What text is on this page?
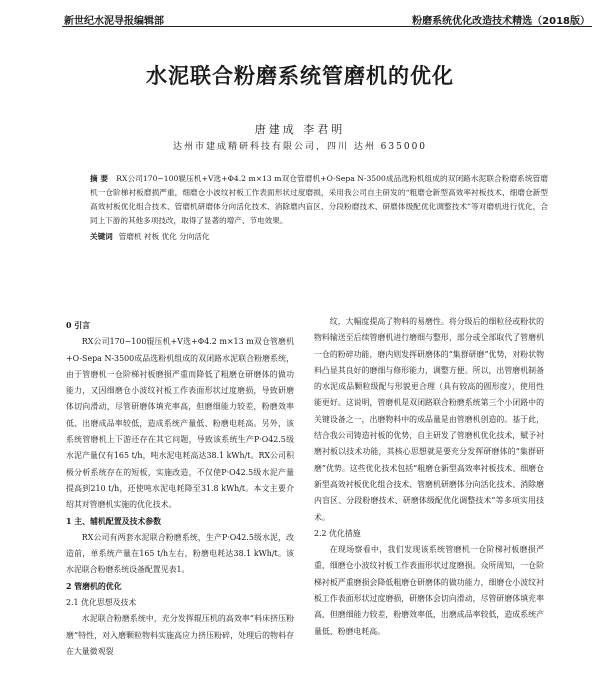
新世纪水泥导报编辑部	粉磨系统优化改造技术精选（2018版）
水泥联合粉磨系统管磨机的优化
唐建成 李君明
达州市建成精研科技有限公司，四川 达州 635000
摘 要 RX公司170~100辊压机+V选+Φ4.2 m×13 m双仓管磨机+O-Sepa N-3500成品选粉机组成的双闭路水泥联合粉磨系统管磨机一仓阶梯衬板磨损严重，细磨仓小波纹衬板工作表面形状过度磨损，采用我公司自主研发的“粗磨仓新型高效率衬板技术、细磨仓新型高效衬板优化组合技术、管磨机研磨体分向活化技术、消除磨内盲区、分段粉磨技术、研磨体级配优化调整技术”等对磨机进行优化，合同上下游的其他多项技改，取得了显著的增产、节电效果。
关键词 管磨机 衬板 优化 分向活化

0 引言

RX公司170~100辊压机+V选+Φ4.2 m×13 m双仓管磨机+O-Sepa N-3500成品选粉机组成的双闭路水泥联合粉磨系统，由于管磨机一仓阶梯衬板磨损严重而降低了粗磨仓研磨体的做功能力，又因细磨仓小波纹衬板工作表面形状过度磨损，导致研磨体切向滑动，尽管研磨体填充率高，但磨细能力较差，粉磨效率低、出磨成品率较低，造成系统产量低、粉磨电耗高。另外，该系统管磨机上下游还存在其它问题，导致该系统生产P·O42.5级水泥产量仅有165 t/h，吨水泥电耗高达38.1 kWh/t。RX公司积极分析系统存在的短板，实施改造，不仅使P·O42.5级水泥产量提高到210 t/h，还使吨水泥电耗降至31.8 kWh/t。本文主要介绍其对管磨机实施的优化技术。

1 主、辅机配置及技术参数

RX公司有两套水泥联合粉磨系统，生产P·O42.5级水泥，改造前，单系统产量在165 t/h左右，粉磨电耗达38.1 kWh/t。该水泥联合粉磨系统设备配置见表1。

2 管磨机的优化

2.1 优化思想及技术

水泥联合粉磨系统中，充分发挥辊压机的高效率“料床挤压粉磨”特性，对入磨颗粒物料实施高应力挤压粉碎，处理后的物料存在大量微观裂

纹，大幅度提高了物料的易磨性。将分级后的细粒径或粉状的物料输送至后续管磨机进行磨细与整形，部分或全部取代了管磨机一仓的粉碎功能，磨内则发挥研磨体的“集群研磨”优势，对粉状物料凸显其良好的磨细与修形能力，调整方便。所以，出管磨机制备的水泥成品颗粒级配与形貌更合理（具有较高的圆形度），使用性能更好。这说明，管磨机是双闭路联合粉磨系统第三个小闭路中的关键设备之一，出磨物料中的成品量是由管磨机创造的。基于此，结合我公司铸造衬板的优势，自主研发了管磨机优化技术，赋予衬磨衬板以技术功能，其核心思想就是要充分发挥研磨体的“集群研磨”优势。这些优化技术包括“粗磨仓新型高效率衬板技术、细磨仓新型高效衬板优化组合技术、管磨机研磨体分向活化技术、消除磨内盲区、分段粉磨技术、研磨体级配优化调整技术”等多项实用技术。

2.2 优化措施

在现场察看中，我们发现该系统管磨机一仓阶梯衬板磨损严重，细磨仓小波纹衬板工作表面形状过度磨损。众所周知，一仓阶梯衬板严重磨损会降低粗磨仓研磨体的做功能力，细磨仓小波纹衬板工作表面形状过度磨损，研磨体会切向滑动，尽管研磨体填充率高，但磨细能力较差，粉磨效率低，出磨成品率较低，造成系统产量低、粉磨电耗高。
